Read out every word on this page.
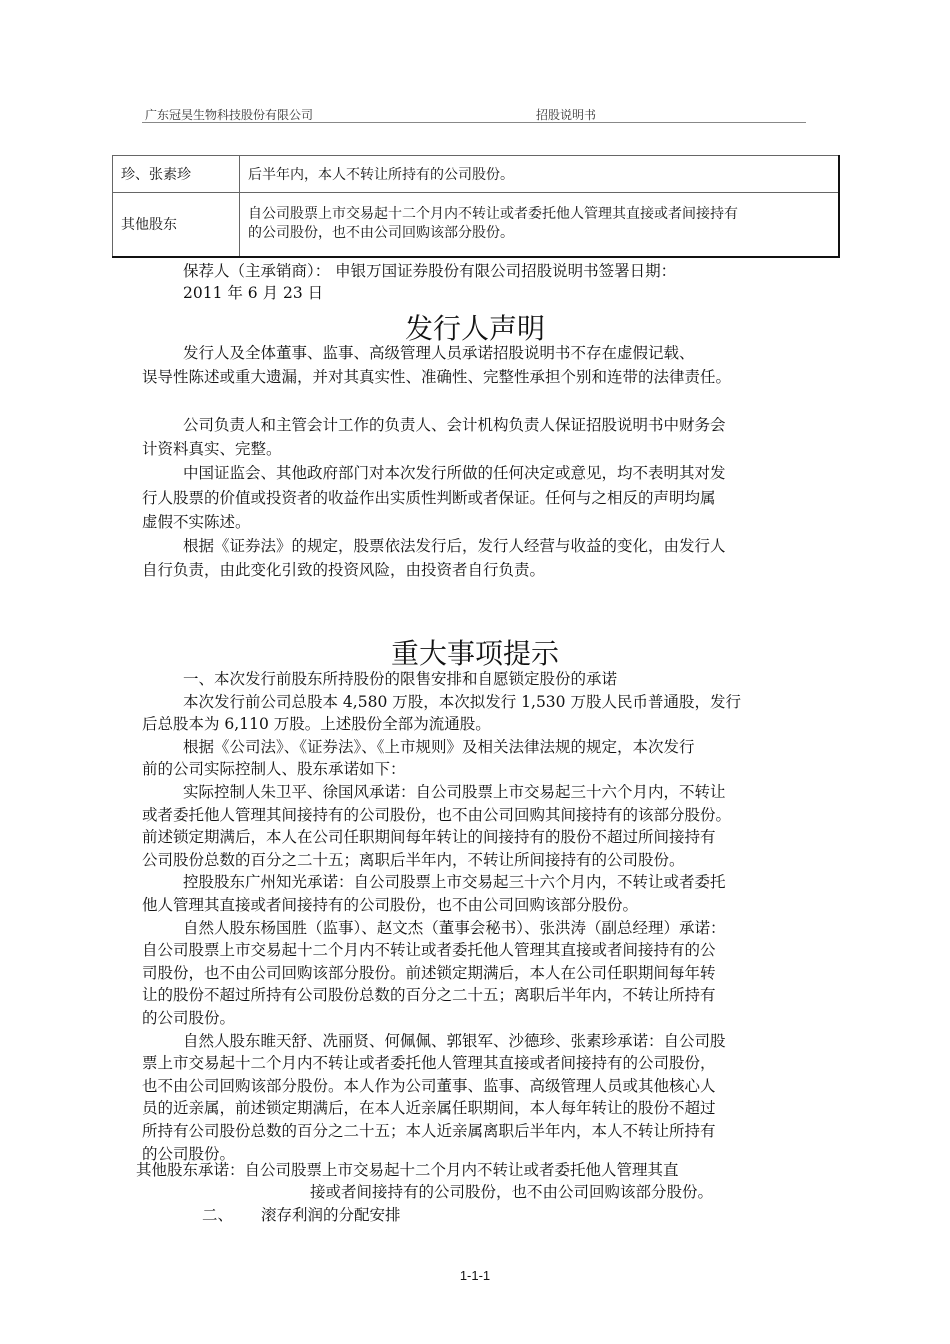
广东冠昊生物科技股份有限公司	招股说明书
珍、张素珍	后半年内，本人不转让所持有的公司股份。

其他股东	自公司股票上市交易起十二个月内不转让或者委托他人管理其直接或者间接持有
的公司股份，也不由公司回购该部分股份。
保荐人（主承销商）： 申银万国证券股份有限公司招股说明书签署日期：
2011 年 6 月 23 日
发行人声明
发行人及全体董事、监事、高级管理人员承诺招股说明书不存在虚假记载、
误导性陈述或重大遗漏，并对其真实性、准确性、完整性承担个别和连带的法律责任。
公司负责人和主管会计工作的负责人、会计机构负责人保证招股说明书中财务会
计资料真实、完整。
中国证监会、其他政府部门对本次发行所做的任何决定或意见，均不表明其对发
行人股票的价值或投资者的收益作出实质性判断或者保证。任何与之相反的声明均属
虚假不实陈述。
根据《证券法》的规定，股票依法发行后，发行人经营与收益的变化，由发行人
自行负责，由此变化引致的投资风险，由投资者自行负责。
重大事项提示
一、本次发行前股东所持股份的限售安排和自愿锁定股份的承诺
本次发行前公司总股本 4,580 万股，本次拟发行 1,530 万股人民币普通股，发行
后总股本为 6,110 万股。上述股份全部为流通股。
根据《公司法》、《证券法》、《上市规则》及相关法律法规的规定，本次发行
前的公司实际控制人、股东承诺如下：
实际控制人朱卫平、徐国风承诺：自公司股票上市交易起三十六个月内，不转让
或者委托他人管理其间接持有的公司股份，也不由公司回购其间接持有的该部分股份。
前述锁定期满后，本人在公司任职期间每年转让的间接持有的股份不超过所间接持有
公司股份总数的百分之二十五；离职后半年内，不转让所间接持有的公司股份。
控股股东广州知光承诺：自公司股票上市交易起三十六个月内，不转让或者委托
他人管理其直接或者间接持有的公司股份，也不由公司回购该部分股份。
自然人股东杨国胜（监事）、赵文杰（董事会秘书）、张洪涛（副总经理）承诺：
自公司股票上市交易起十二个月内不转让或者委托他人管理其直接或者间接持有的公
司股份，也不由公司回购该部分股份。前述锁定期满后，本人在公司任职期间每年转
让的股份不超过所持有公司股份总数的百分之二十五；离职后半年内，不转让所持有
的公司股份。
自然人股东睢天舒、冼丽贤、何佩佩、郭银军、沙德珍、张素珍承诺：自公司股
票上市交易起十二个月内不转让或者委托他人管理其直接或者间接持有的公司股份，
也不由公司回购该部分股份。本人作为公司董事、监事、高级管理人员或其他核心人
员的近亲属，前述锁定期满后，在本人近亲属任职期间，本人每年转让的股份不超过
所持有公司股份总数的百分之二十五；本人近亲属离职后半年内，本人不转让所持有
的公司股份。
其他股东承诺：自公司股票上市交易起十二个月内不转让或者委托他人管理其直
接或者间接持有的公司股份，也不由公司回购该部分股份。
二、 滚存利润的分配安排
1-1-1
